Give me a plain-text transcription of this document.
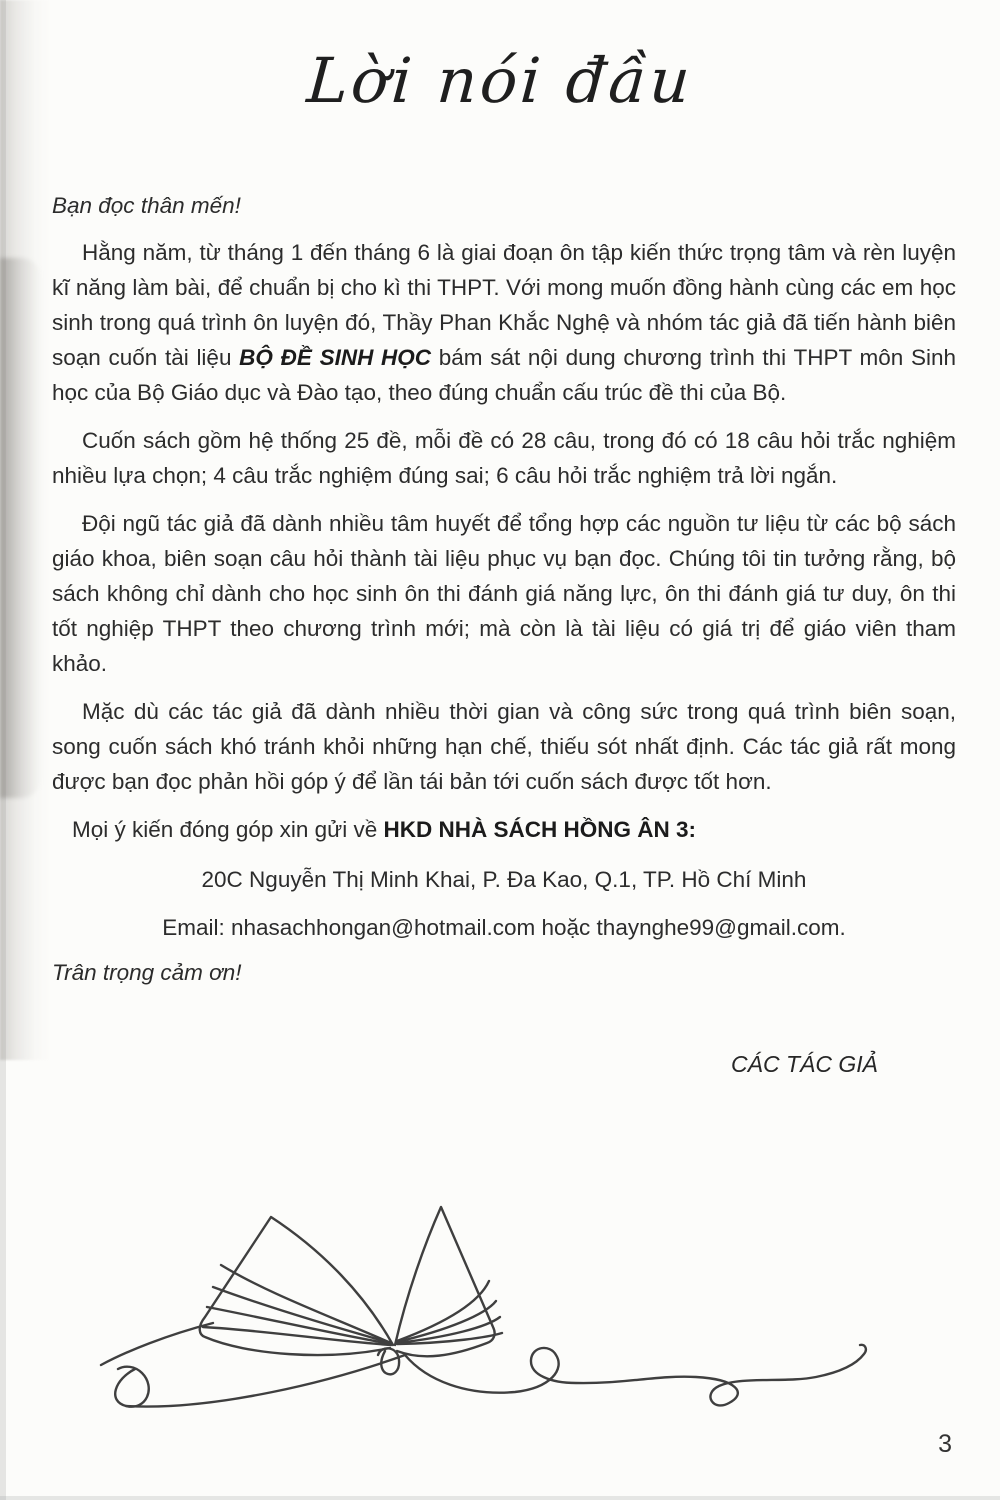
Lời nói đầu

Bạn đọc thân mến!

Hằng năm, từ tháng 1 đến tháng 6 là giai đoạn ôn tập kiến thức trọng tâm và rèn luyện kĩ năng làm bài, để chuẩn bị cho kì thi THPT. Với mong muốn đồng hành cùng các em học sinh trong quá trình ôn luyện đó, Thầy Phan Khắc Nghệ và nhóm tác giả đã tiến hành biên soạn cuốn tài liệu BỘ ĐỀ SINH HỌC bám sát nội dung chương trình thi THPT môn Sinh học của Bộ Giáo dục và Đào tạo, theo đúng chuẩn cấu trúc đề thi của Bộ.

Cuốn sách gồm hệ thống 25 đề, mỗi đề có 28 câu, trong đó có 18 câu hỏi trắc nghiệm nhiều lựa chọn; 4 câu trắc nghiệm đúng sai; 6 câu hỏi trắc nghiệm trả lời ngắn.

Đội ngũ tác giả đã dành nhiều tâm huyết để tổng hợp các nguồn tư liệu từ các bộ sách giáo khoa, biên soạn câu hỏi thành tài liệu phục vụ bạn đọc. Chúng tôi tin tưởng rằng, bộ sách không chỉ dành cho học sinh ôn thi đánh giá năng lực, ôn thi đánh giá tư duy, ôn thi tốt nghiệp THPT theo chương trình mới; mà còn là tài liệu có giá trị để giáo viên tham khảo.

Mặc dù các tác giả đã dành nhiều thời gian và công sức trong quá trình biên soạn, song cuốn sách khó tránh khỏi những hạn chế, thiếu sót nhất định. Các tác giả rất mong được bạn đọc phản hồi góp ý để lần tái bản tới cuốn sách được tốt hơn.

Mọi ý kiến đóng góp xin gửi về HKD NHÀ SÁCH HỒNG ÂN 3:

20C Nguyễn Thị Minh Khai, P. Đa Kao, Q.1, TP. Hồ Chí Minh

Email: nhasachhongan@hotmail.com hoặc thaynghe99@gmail.com.

Trân trọng cảm ơn!

CÁC TÁC GIẢ

3
